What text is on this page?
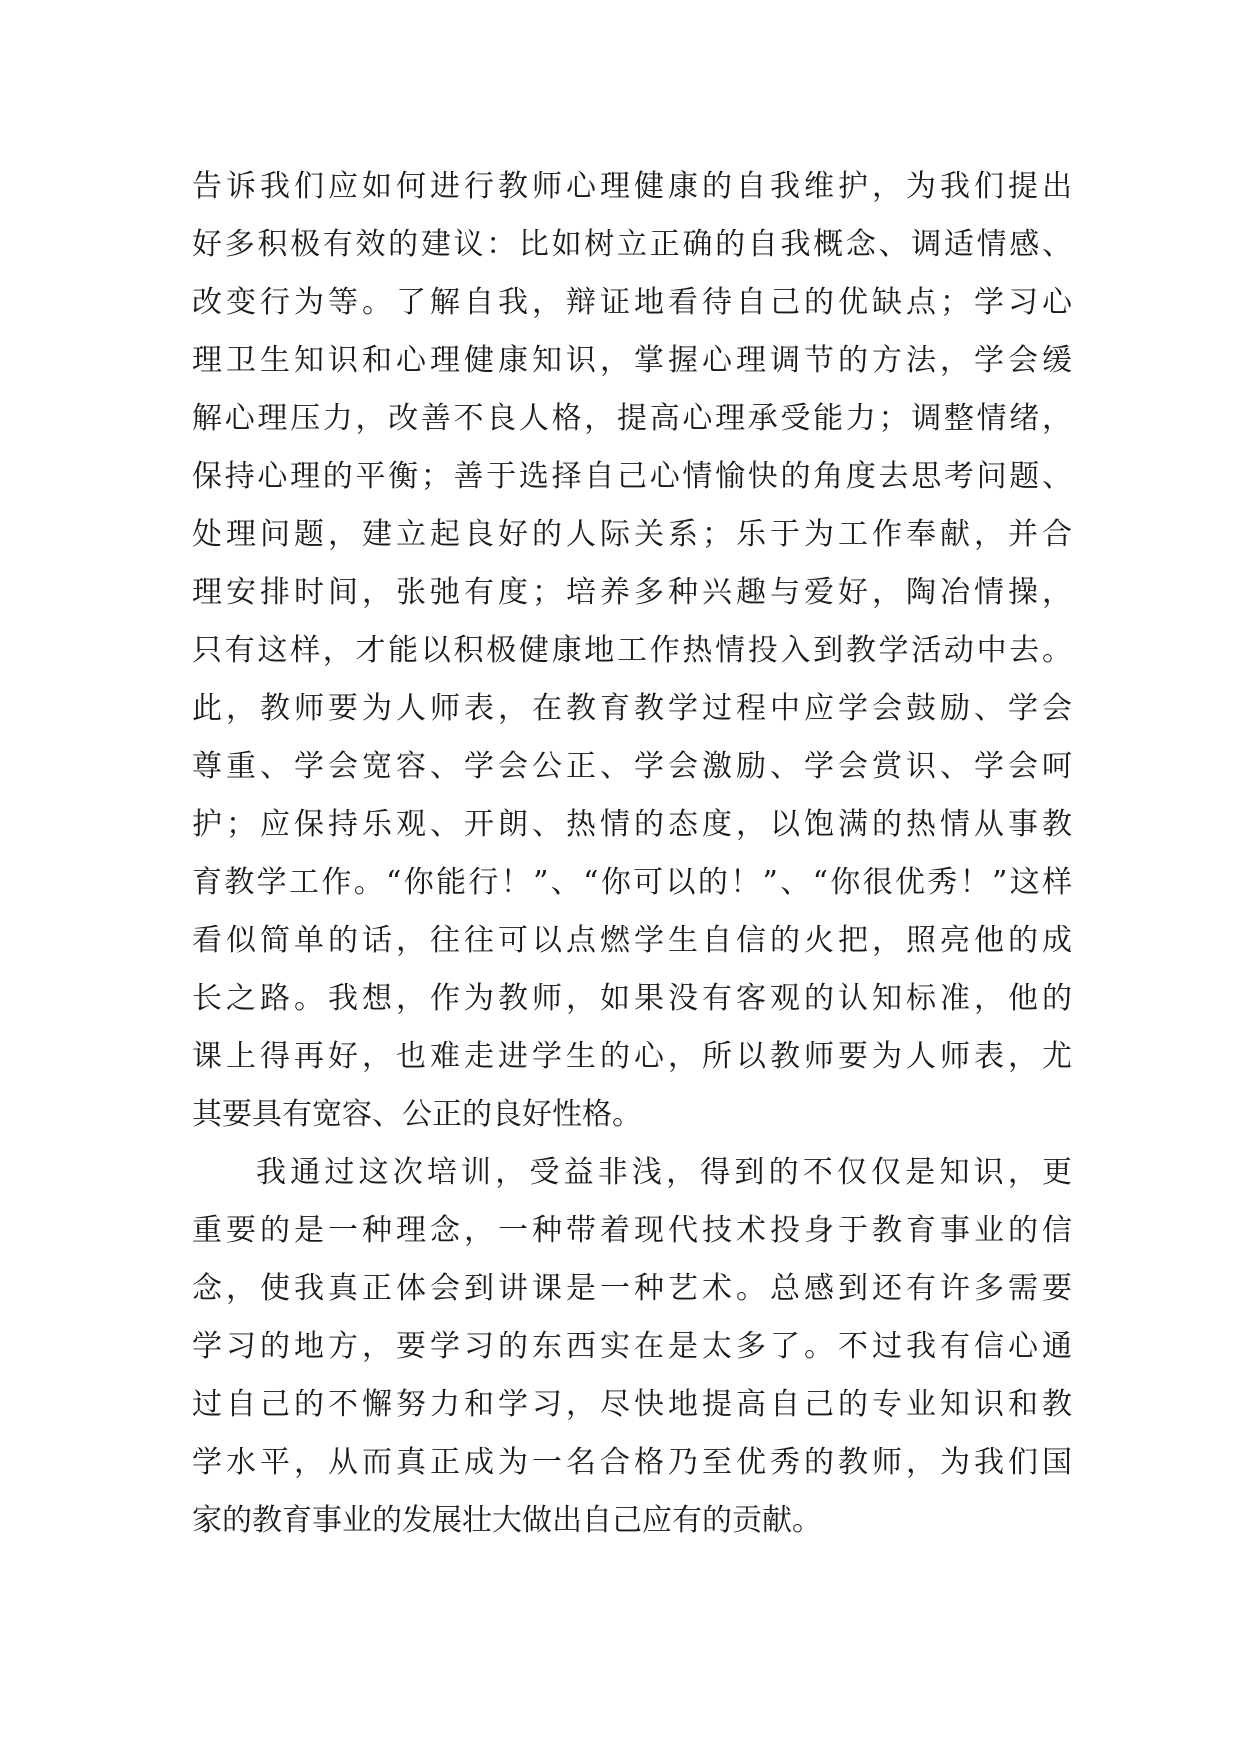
告诉我们应如何进行教师心理健康的自我维护，为我们提出
好多积极有效的建议：比如树立正确的自我概念、调适情感、
改变行为等。了解自我，辩证地看待自己的优缺点；学习心
理卫生知识和心理健康知识，掌握心理调节的方法，学会缓
解心理压力，改善不良人格，提高心理承受能力；调整情绪，
保持心理的平衡；善于选择自己心情愉快的角度去思考问题、
处理问题，建立起良好的人际关系；乐于为工作奉献，并合
理安排时间，张弛有度；培养多种兴趣与爱好，陶冶情操，
只有这样，才能以积极健康地工作热情投入到教学活动中去。
此，教师要为人师表，在教育教学过程中应学会鼓励、学会
尊重、学会宽容、学会公正、学会激励、学会赏识、学会呵
护；应保持乐观、开朗、热情的态度，以饱满的热情从事教
育教学工作。“你能行！”、“你可以的！”、“你很优秀！”这样
看似简单的话，往往可以点燃学生自信的火把，照亮他的成
长之路。我想，作为教师，如果没有客观的认知标准，他的
课上得再好，也难走进学生的心，所以教师要为人师表，尤
其要具有宽容、公正的良好性格。
我通过这次培训，受益非浅，得到的不仅仅是知识，更
重要的是一种理念，一种带着现代技术投身于教育事业的信
念，使我真正体会到讲课是一种艺术。总感到还有许多需要
学习的地方，要学习的东西实在是太多了。不过我有信心通
过自己的不懈努力和学习，尽快地提高自己的专业知识和教
学水平，从而真正成为一名合格乃至优秀的教师，为我们国
家的教育事业的发展壮大做出自己应有的贡献。
